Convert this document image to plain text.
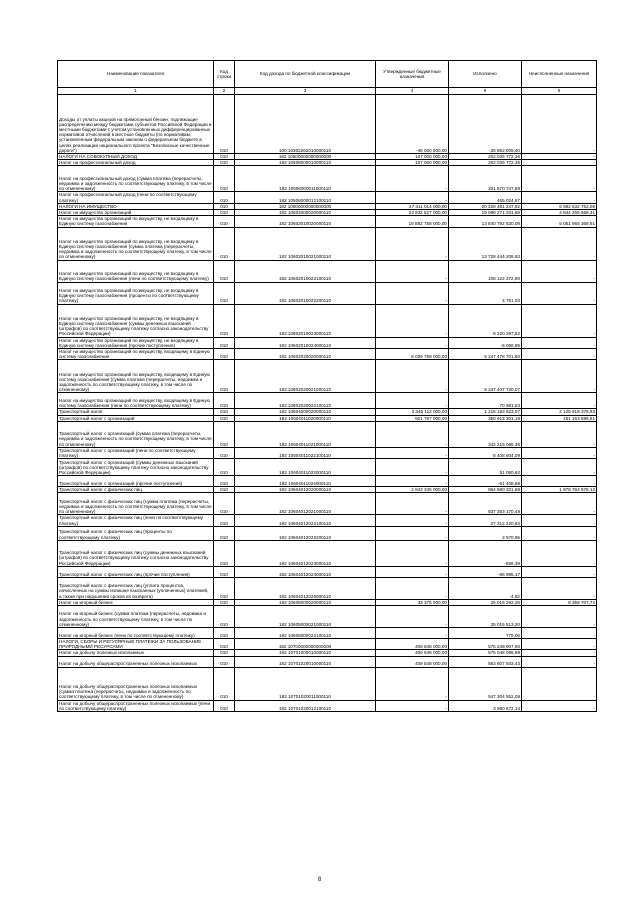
Наименование показателя	Код строки	Код дохода по бюджетной классификации	Утвержденные бюджетные назначения	Исполнено	Неисполненные назначения
1	2	3	4	5	6
Доходы от уплаты акцизов на прямогонный бензин, подлежащие распределению между бюджетами субъектов Российской Федерации и местными бюджетами с учетом установленных дифференцированных нормативов отчислений в местные бюджеты (по нормативам, установленным федеральным законом о федеральном бюджете в целях реализации национального проекта "Безопасные качественные дороги")	010	100 10302262010000110	-46 000 000,00	-26 862 005,40	-
НАЛОГИ НА СОВОКУПНЫЙ ДОХОД	010	182 10500000000000000	107 000 000,00	202 035 772,36	-
Налог на профессиональный доход	010	182 10506000010000110	107 000 000,00	202 035 772,36	-
Налог на профессиональный доход (сумма платежа (перерасчеты, недоимка и задолженность по соответствующему платежу, в том числе по отмененному)	010	182 10506000011000110	-	201 570 747,69	-
Налог на профессиональный доход (пени по соответствующему платежу)	010	182 10506000012100110	-	465 024,67	-
НАЛОГИ НА ИМУЩЕСТВО	010	182 10600000000000000	27 311 014 000,00	20 328 481 247,92	6 982 532 752,08
Налог на имущество организаций	010	182 10602000020000110	23 932 527 000,00	19 088 271 331,69	4 844 255 668,31
Налог на имущество организаций по имуществу, не входящему в Единую систему газоснабжения	010	182 10602010020000110	18 892 758 000,00	13 840 792 630,09	5 051 965 369,91
Налог на имущество организаций по имуществу, не входящему в Единую систему газоснабжения (сумма платежа (перерасчеты, недоимка и задолженность по соответствующему платежу, в том числе по отмененному)	010	182 10602010021000110	-	13 728 444 208,63	-
Налог на имущество организаций по имуществу, не входящему в Единую систему газоснабжения (пени по соответствующему платежу)	010	182 10602010022100110	-	108 122 372,80	-
Налог на имущество организаций по имуществу, не входящему в Единую систему газоснабжения (проценты по соответствующему платежу)	010	182 10602010022200110	-	4 751,03	-
Налог на имущество организаций по имуществу, не входящему в Единую систему газоснабжения (суммы денежных взысканий (штрафов) по соответствующему платежу согласно законодательству Российской Федерации)	010	182 10602010023000110	-	8 220 297,52	-
Налог на имущество организаций по имуществу, не входящему в Единую систему газоснабжения (прочие поступления)	010	182 10602010024000110	-	-5 068,89	-
Налог на имущество организаций по имуществу, входящему в Единую систему газоснабжения	010	182 10602020020000110	5 039 769 000,00	5 247 478 701,60	-
Налог на имущество организаций по имуществу, входящему в Единую систему газоснабжения (сумма платежа (перерасчеты, недоимка и задолженность по соответствующему платежу, в том числе по отмененному)	010	182 10602020021000110	-	5 247 407 720,07	-
Налог на имущество организаций по имуществу, входящему в Единую систему газоснабжения (пени по соответствующему платежу)	010	182 10602020022100110	-	70 981,53	-
Транспортный налог	010	182 10604000020000110	3 345 112 000,00	1 215 193 623,07	2 129 918 376,93
Транспортный налог с организаций	010	182 10604011020000110	501 767 000,00	350 613 301,19	151 153 698,81
Транспортный налог с организаций (сумма платежа (перерасчеты, недоимка и задолженность по соответствующему платежу, в том числе по отмененному)	010	182 10604011021000110	-	342 215 065,36	-
Транспортный налог с организаций (пени по соответствующему платежу)	010	182 10604011022100110	-	8 408 804,09	-
Транспортный налог с организаций (суммы денежных взысканий (штрафов) по соответствующему платежу согласно законодательству Российской Федерации)	010	182 10604011023000110	-	51 050,62	-
Транспортный налог с организаций (прочие поступления)	010	182 10604011024000110	-	-61 408,88	-
Транспортный налог с физических лиц	010	182 10604012020000110	2 843 345 000,00	864 580 321,88	1 978 764 678,12
Транспортный налог с физических лиц (сумма платежа (перерасчеты, недоимка и задолженность по соответствующему платежу, в том числе по отмененному)	010	182 10604012021000110	-	837 353 170,48	-
Транспортный налог с физических лиц (пени по соответствующему платежу)	010	182 10604012022100110	-	27 312 220,83	-
Транспортный налог с физических лиц (проценты по соответствующему платежу)	010	182 10604012022200110	-	2 570,95	-
Транспортный налог с физических лиц (суммы денежных взысканий (штрафов) по соответствующему платежу согласно законодательству Российской Федерации)	010	182 10604012023000110	-	-656,39	-
Транспортный налог с физических лиц (прочие поступления)	010	182 10604012024000110	-	-86 985,17	-
Транспортный налог с физических лиц (уплата процентов, начисленных на суммы излишне взысканных (уплаченных) платежей, а также при нарушении сроков их возврата)	010	182 10604012026000110	-	-4,82	-
Налог на игорный бизнес	010	182 10605000020000110	33 375 000,00	25 016 292,26	8 358 707,74
Налог на игорный бизнес (сумма платежа (перерасчеты, недоимка и задолженность по соответствующему платежу, в том числе по отмененному)	010	182 10605000021000110	-	25 015 513,20	-
Налог на игорный бизнес (пени по соответствующему платежу)	010	182 10605000022100110	-	779,06	-
НАЛОГИ, СБОРЫ И РЕГУЛЯРНЫЕ ПЛАТЕЖИ ЗА ПОЛЬЗОВАНИЕ ПРИРОДНЫМИ РЕСУРСАМИ	010	182 10700000000000000	409 848 000,00	575 248 907,60	-
Налог на добычу полезных ископаемых	010	182 10701000010000110	409 548 000,00	575 048 095,99	-
Налог на добычу общераспространенных полезных ископаемых	010	182 10701020010000110	409 548 000,00	563 607 933,43	-
Налог на добычу общераспространенных полезных ископаемых (сумма платежа (перерасчеты, недоимка и задолженность по соответствующему платежу, в том числе по отмененному)	010	182 10701020011000110	-	547 304 552,09	-
Налог на добычу общераспространенных полезных ископаемых (пени по соответствующему платежу)	010	182 10701020012100110	-	3 960 672,14	-
8
